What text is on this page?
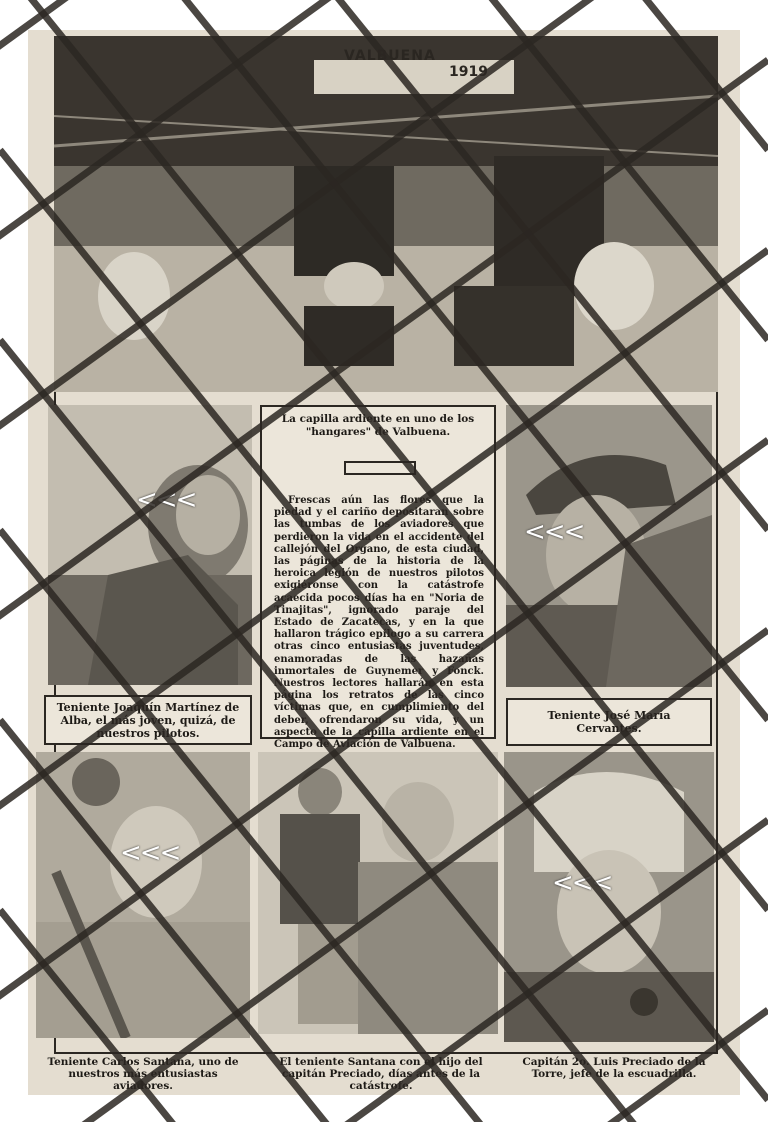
VALBUENA
1919
<<<
La capilla ardiente en uno de los "hangares" de Valbuena.
Frescas aún las flores que la piedad y el cariño depositaran sobre las tumbas de los aviadores que perdieron la vida en el accidente del callejón del Organo, de esta ciudad, las páginas de la historia de la heroica legión de nuestros pilotos exigiéronse con la catástrofe acaecida pocos días ha en "Noria de Tinajitas", ignorado paraje del Estado de Zacatecas, y en la que hallaron trágico epílogo a su carrera otras cinco entusiastas juventudes, enamoradas de las hazañas inmortales de Guynemer y Fonck. Nuestros lectores hallarán en esta página los retratos de las cinco víctimas que, en cumplimiento del deber, ofrendaron su vida, y un aspecto de la capilla ardiente en el Campo de Aviación de Valbuena.
<<<
Teniente Joaquín Martínez de Alba, el más joven, quizá, de nuestros pilotos.
Teniente José María Cervantes.
<<<
<<<
Teniente Carlos Santana, uno de nuestros más entusiastas aviadores.
El teniente Santana con el hijo del capitán Preciado, días antes de la catástrofe.
Capitán 2o. Luis Preciado de la Torre, jefe de la escuadrilla.
